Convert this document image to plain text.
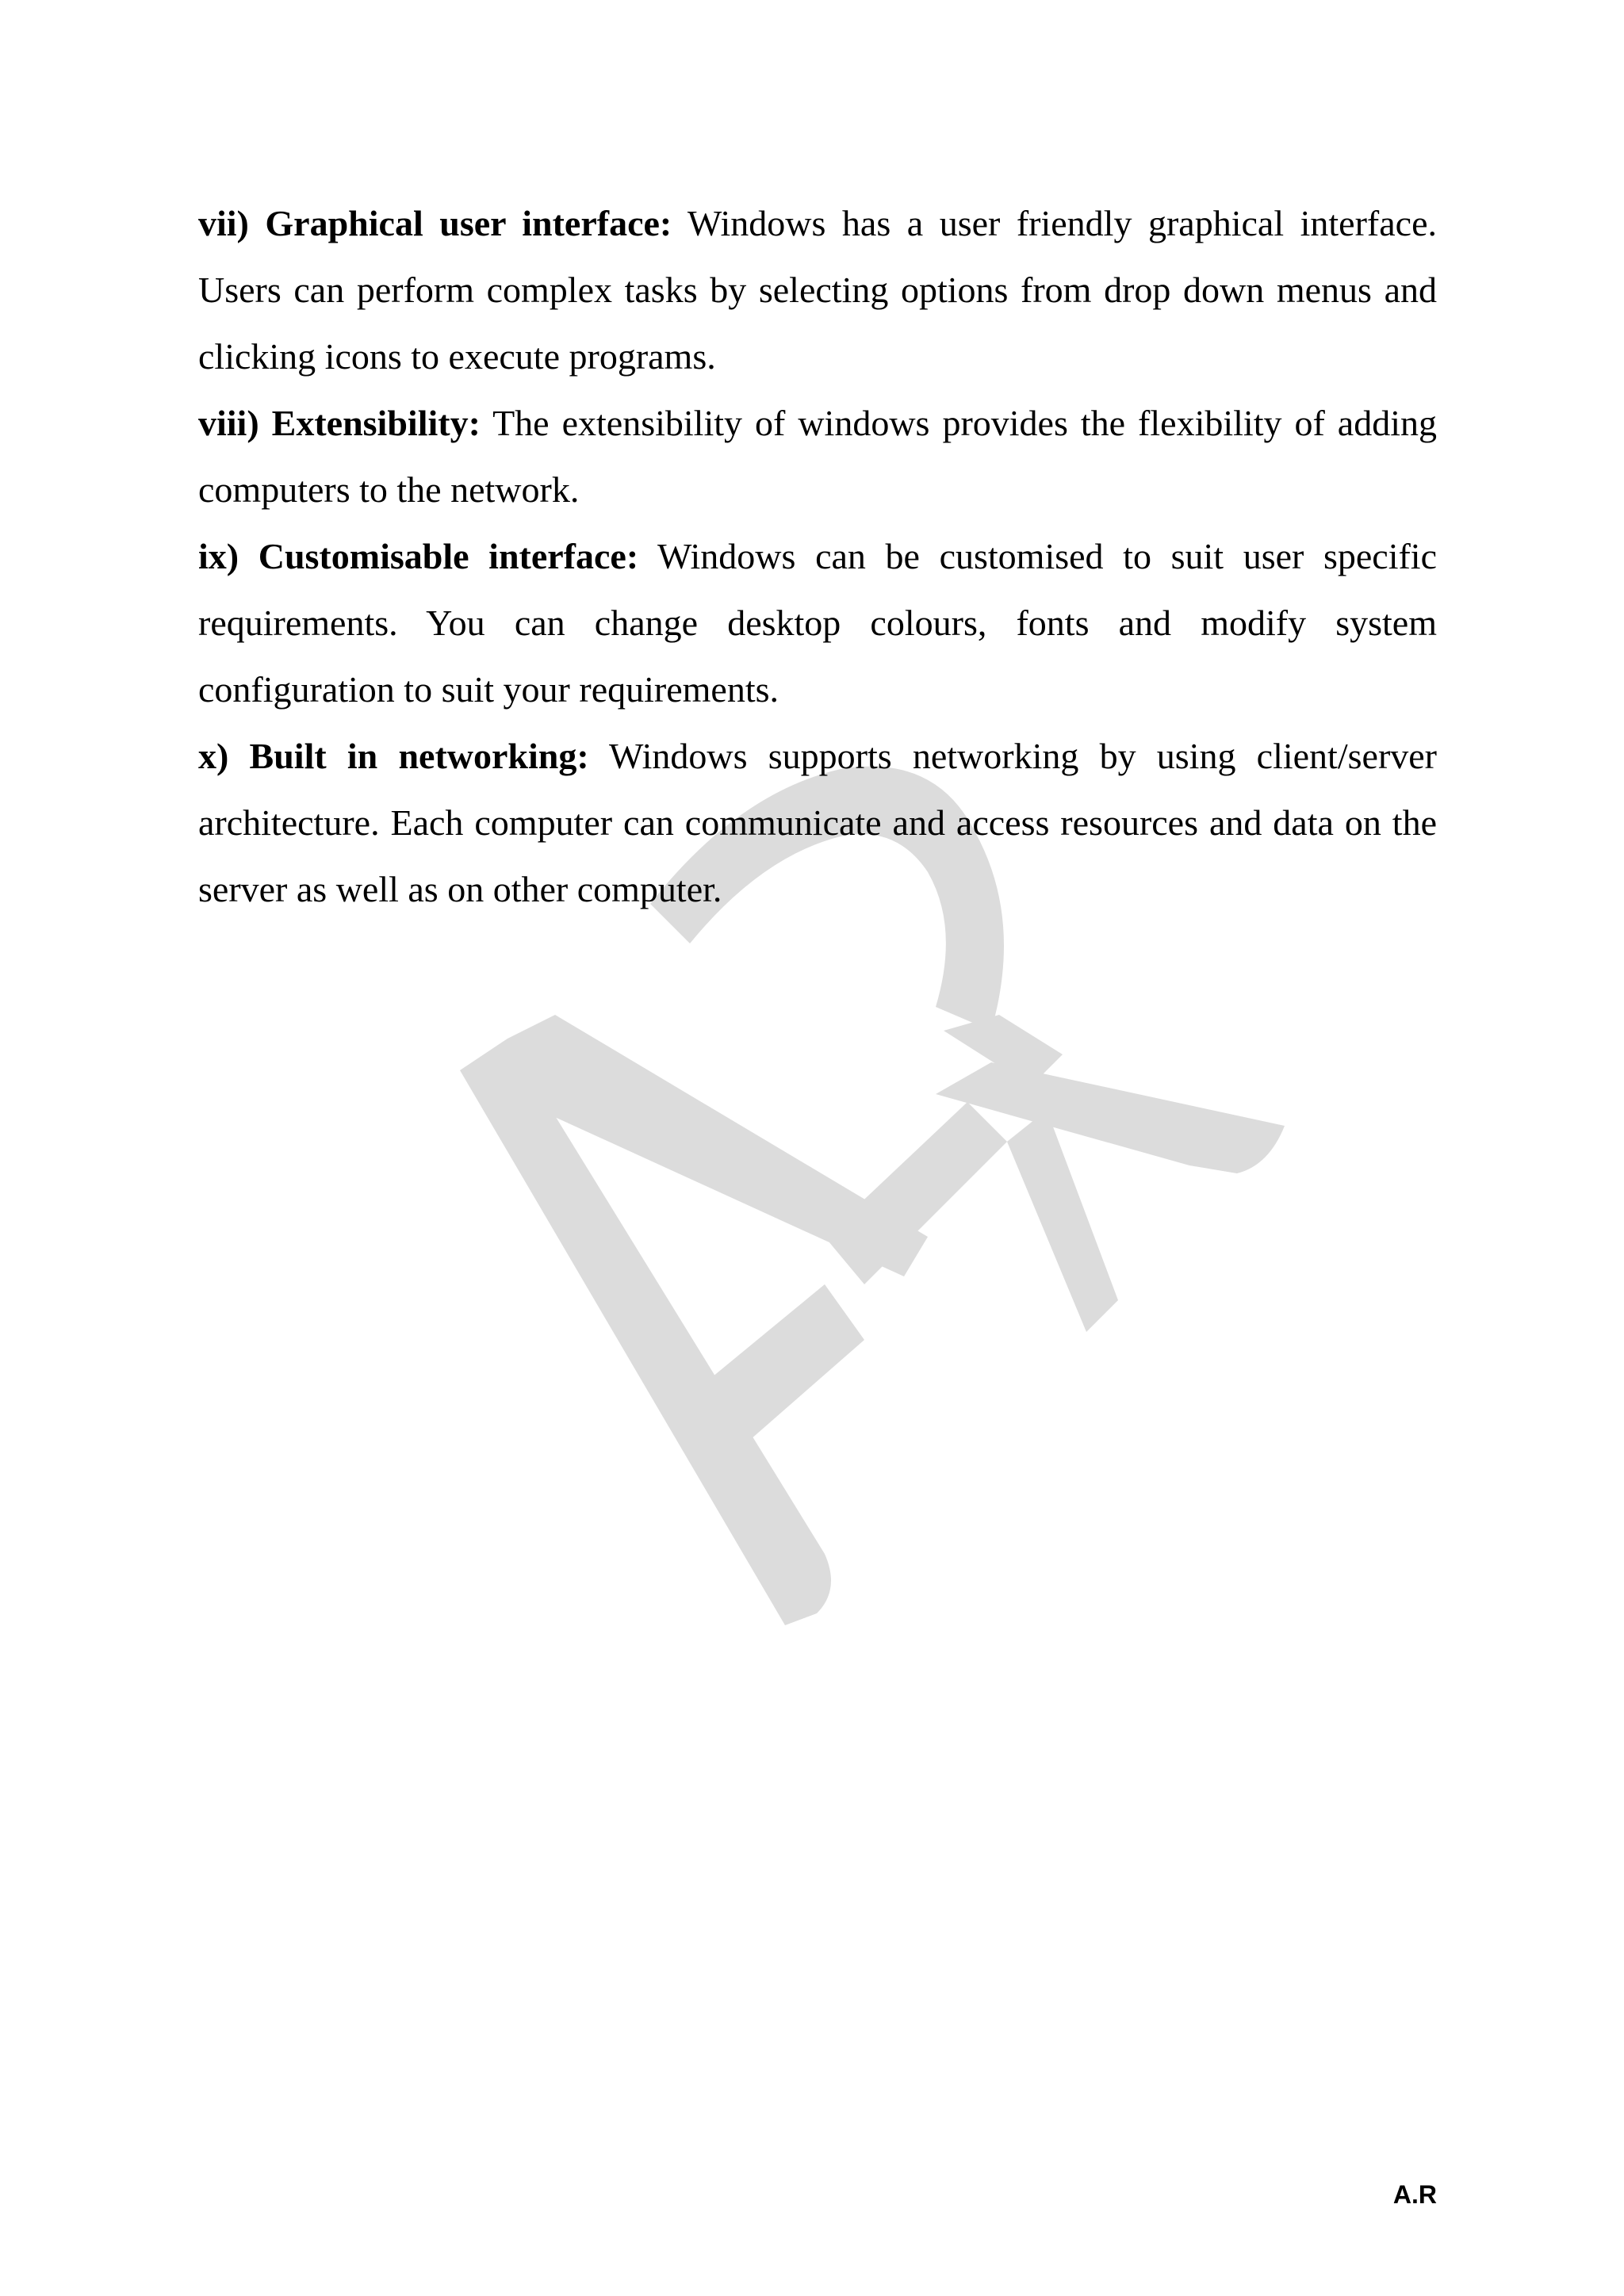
vii) Graphical user interface: Windows has a user friendly graphical interface. Users can perform complex tasks by selecting options from drop down menus and clicking icons to execute programs.

viii) Extensibility: The extensibility of windows provides the flexibility of adding computers to the network.

ix) Customisable interface: Windows can be customised to suit user specific requirements. You can change desktop colours, fonts and modify system configuration to suit your requirements.

x) Built in networking: Windows supports networking by using client/server architecture. Each computer can communicate and access resources and data on the server as well as on other computer.

A.R
